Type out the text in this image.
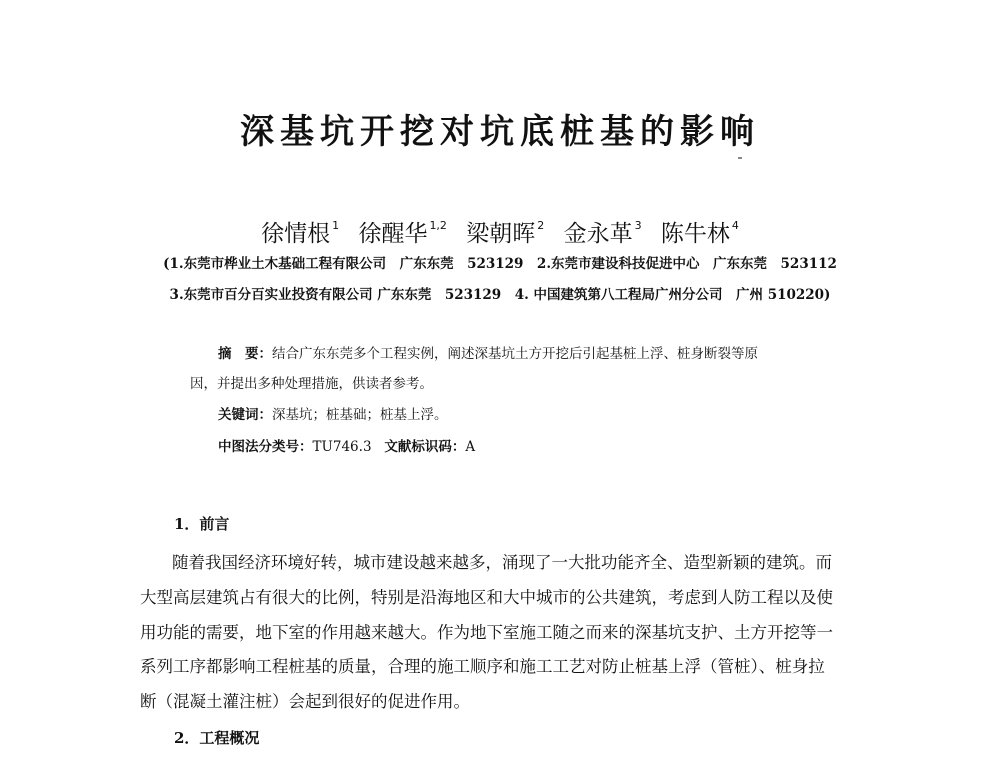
深基坑开挖对坑底桩基的影响
徐情根 $^1$ 徐醒华 $^{1,2}$ 梁朝晖 $^2$ 金永革 $^3$ 陈牛林 $^4$
(1.东莞市桦业土木基础工程有限公司　广东东莞　523129　2.东莞市建设科技促进中心　广东东莞　523112
3.东莞市百分百实业投资有限公司 广东东莞　523129　4. 中国建筑第八工程局广州分公司　广州 510220)
摘　要：结合广东东莞多个工程实例，阐述深基坑土方开挖后引起基桩上浮、桩身断裂等原
因，并提出多种处理措施，供读者参考。
关键词：深基坑；桩基础；桩基上浮。
中图法分类号：TU746.3 文献标识码：A
1．前言
随着我国经济环境好转，城市建设越来越多，涌现了一大批功能齐全、造型新颖的建筑。而
大型高层建筑占有很大的比例，特别是沿海地区和大中城市的公共建筑，考虑到人防工程以及使
用功能的需要，地下室的作用越来越大。作为地下室施工随之而来的深基坑支护、土方开挖等一
系列工序都影响工程桩基的质量，合理的施工顺序和施工工艺对防止桩基上浮（管桩）、桩身拉
断（混凝土灌注桩）会起到很好的促进作用。
2．工程概况
